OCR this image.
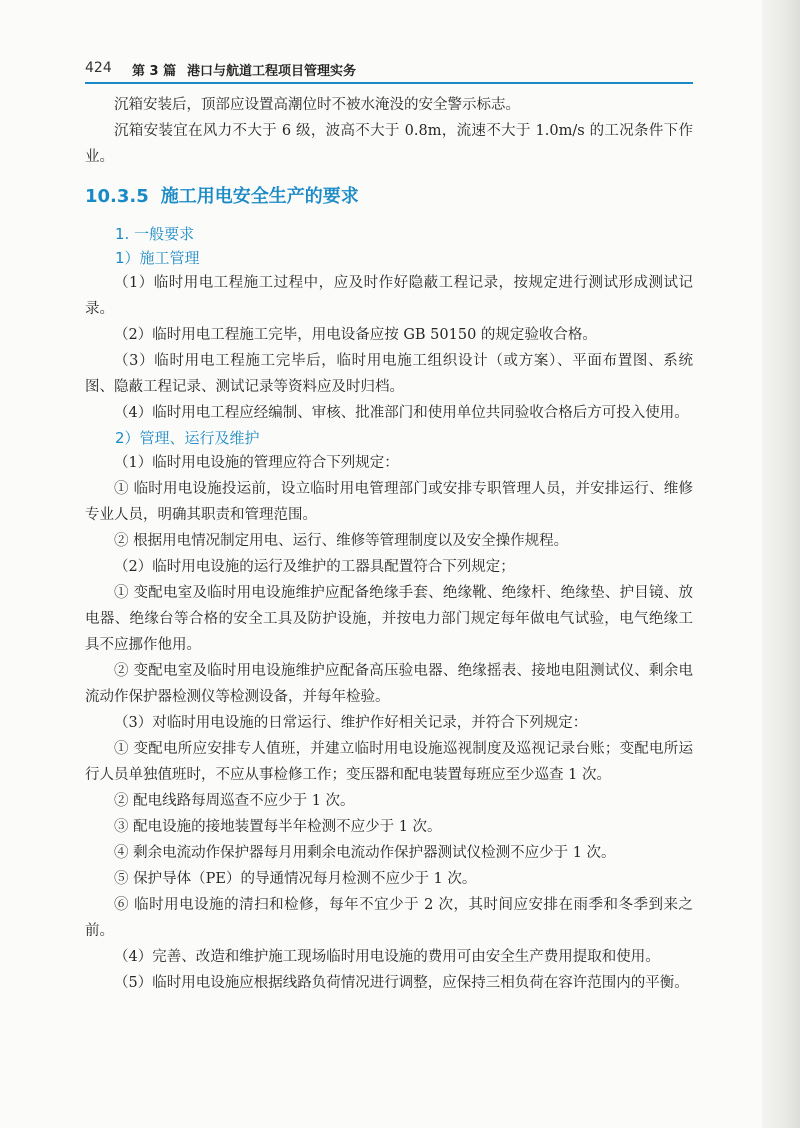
424 第 3 篇 港口与航道工程项目管理实务

沉箱安装后，顶部应设置高潮位时不被水淹没的安全警示标志。

沉箱安装宜在风力不大于 6 级，波高不大于 0.8m，流速不大于 1.0m/s 的工况条件下作业。

10.3.5 施工用电安全生产的要求
1. 一般要求
1）施工管理

（1）临时用电工程施工过程中，应及时作好隐蔽工程记录，按规定进行测试形成测试记录。

（2）临时用电工程施工完毕，用电设备应按 GB 50150 的规定验收合格。

（3）临时用电工程施工完毕后，临时用电施工组织设计（或方案）、平面布置图、系统图、隐蔽工程记录、测试记录等资料应及时归档。

（4）临时用电工程应经编制、审核、批准部门和使用单位共同验收合格后方可投入使用。

2）管理、运行及维护

（1）临时用电设施的管理应符合下列规定：

① 临时用电设施投运前，设立临时用电管理部门或安排专职管理人员，并安排运行、维修专业人员，明确其职责和管理范围。

② 根据用电情况制定用电、运行、维修等管理制度以及安全操作规程。

（2）临时用电设施的运行及维护的工器具配置符合下列规定；

① 变配电室及临时用电设施维护应配备绝缘手套、绝缘靴、绝缘杆、绝缘垫、护目镜、放电器、绝缘台等合格的安全工具及防护设施，并按电力部门规定每年做电气试验，电气绝缘工具不应挪作他用。

② 变配电室及临时用电设施维护应配备高压验电器、绝缘摇表、接地电阻测试仪、剩余电流动作保护器检测仪等检测设备，并每年检验。

（3）对临时用电设施的日常运行、维护作好相关记录，并符合下列规定：

① 变配电所应安排专人值班，并建立临时用电设施巡视制度及巡视记录台账；变配电所运行人员单独值班时，不应从事检修工作；变压器和配电装置每班应至少巡查 1 次。

② 配电线路每周巡查不应少于 1 次。

③ 配电设施的接地装置每半年检测不应少于 1 次。

④ 剩余电流动作保护器每月用剩余电流动作保护器测试仪检测不应少于 1 次。

⑤ 保护导体（PE）的导通情况每月检测不应少于 1 次。

⑥ 临时用电设施的清扫和检修，每年不宜少于 2 次，其时间应安排在雨季和冬季到来之前。

（4）完善、改造和维护施工现场临时用电设施的费用可由安全生产费用提取和使用。

（5）临时用电设施应根据线路负荷情况进行调整，应保持三相负荷在容许范围内的平衡。
